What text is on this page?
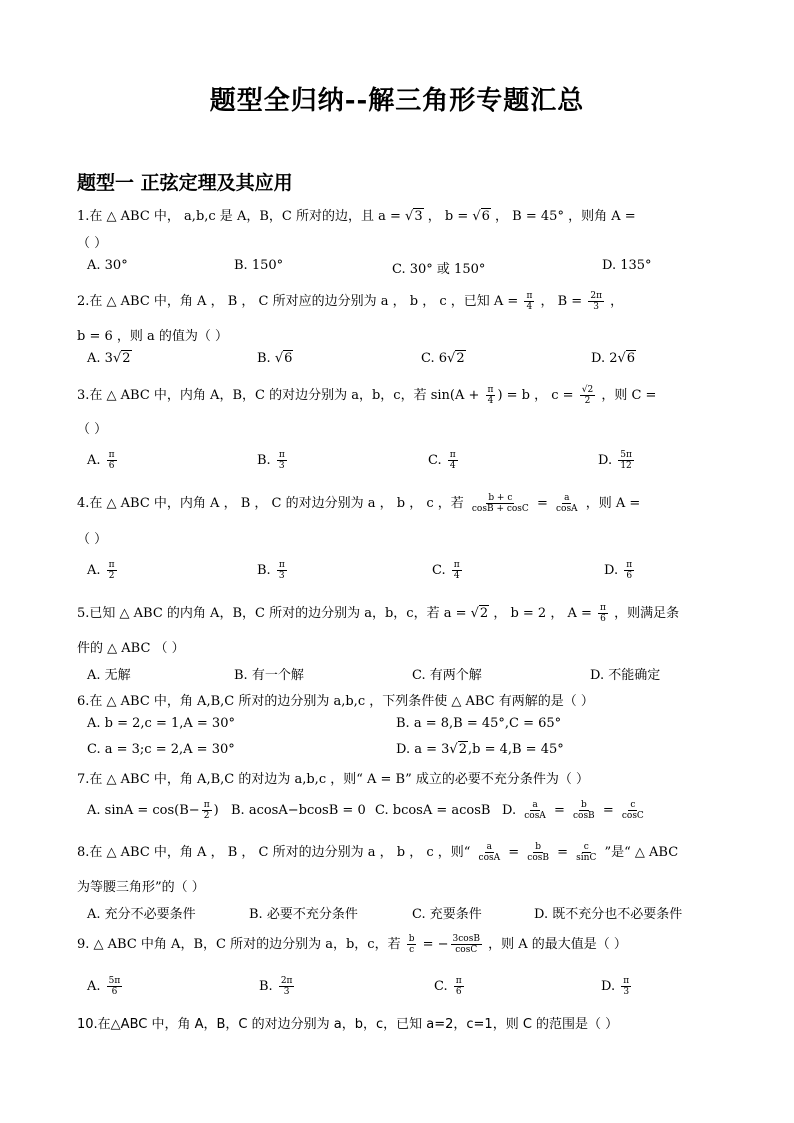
题型全归纳--解三角形专题汇总
题型一 正弦定理及其应用
1.在 △ ABC 中， a,b,c 是 A，B，C 所对的边，且 a = √3 ， b = √6 ， B = 45° ，则角 A =
（ ）
A. 30°	B. 150°	C. 30° 或 150°	D. 135°
2.在 △ ABC 中，角 A ， B ， C 所对应的边分别为 a ， b ， c ，已知 $A = \frac{\pi}{4}$ ， $B = \frac{2\pi}{3}$ ，
b = 6 ，则 a 的值为（ ）
A. 3√2	B. √6	C. 6√2	D. 2√6
3.在 △ ABC 中，内角 A，B，C 的对边分别为 a，b，c，若 $\sin(A + \frac{\pi}{4}$ ) = b ， $c = \frac{√2}{2}$ ，则 C =
（ ）
A. $\frac{\pi}{6}$	B. $\frac{\pi}{3}$	C. $\frac{\pi}{4}$	D. $\frac{5\pi}{12}$
4.在 △ ABC 中，内角 A ， B ， C 的对边分别为 a ， b ， c ，若 $\frac{b + c}{\cos B + \cos C} = \frac{a}{\cos A}$ ，则 A =
（ ）
A. $\frac{\pi}{2}$	B. $\frac{\pi}{3}$	C. $\frac{\pi}{4}$	D. $\frac{\pi}{6}$
5.已知 △ ABC 的内角 A，B，C 所对的边分别为 a，b，c，若 a = √2 ， b = 2 ， $A = \frac{\pi}{6}$ ，则满足条
件的 △ ABC （ ）
A. 无解	B. 有一个解	C. 有两个解	D. 不能确定
6.在 △ ABC 中，角 A,B,C 所对的边分别为 a,b,c ，下列条件使 △ ABC 有两解的是（ ）
A. b = 2,c = 1,A = 30°	B. a = 8,B = 45°,C = 65°
C. a = 3;c = 2,A = 30°	D. a = 3√2,b = 4,B = 45°
7.在 △ ABC 中，角 A,B,C 的对边为 a,b,c ，则“ A = B” 成立的必要不充分条件为（ ）
A. $\sin A = \cos(B- \frac{\pi}{2}$ ) B. acosA−bcosB = 0 C. bcosA = acosB D. $\frac{a}{\cos A} = \frac{b}{\cos B} = \frac{c}{\cos C}$
8.在 △ ABC 中，角 A ， B ， C 所对的边分别为 a ， b ， c ，则“ $\frac{a}{\cos A} = \frac{b}{\cos B} = \frac{c}{\sin C}$ ”是“ △ ABC
为等腰三角形”的（ ）
A. 充分不必要条件	B. 必要不充分条件	C. 充要条件	D. 既不充分也不必要条件
9. △ ABC 中角 A，B，C 所对的边分别为 a，b，c，若 $\frac{b}{c}$ = − $\frac{3\cos B}{\cos C}$ ，则 A 的最大值是（ ）
A. $\frac{5\pi}{6}$	B. $\frac{2\pi}{3}$	C. $\frac{\pi}{6}$	D. $\frac{\pi}{3}$
10.在△ABC 中，角 A，B，C 的对边分别为 a，b，c，已知 a=2，c=1，则 C 的范围是（ ）
